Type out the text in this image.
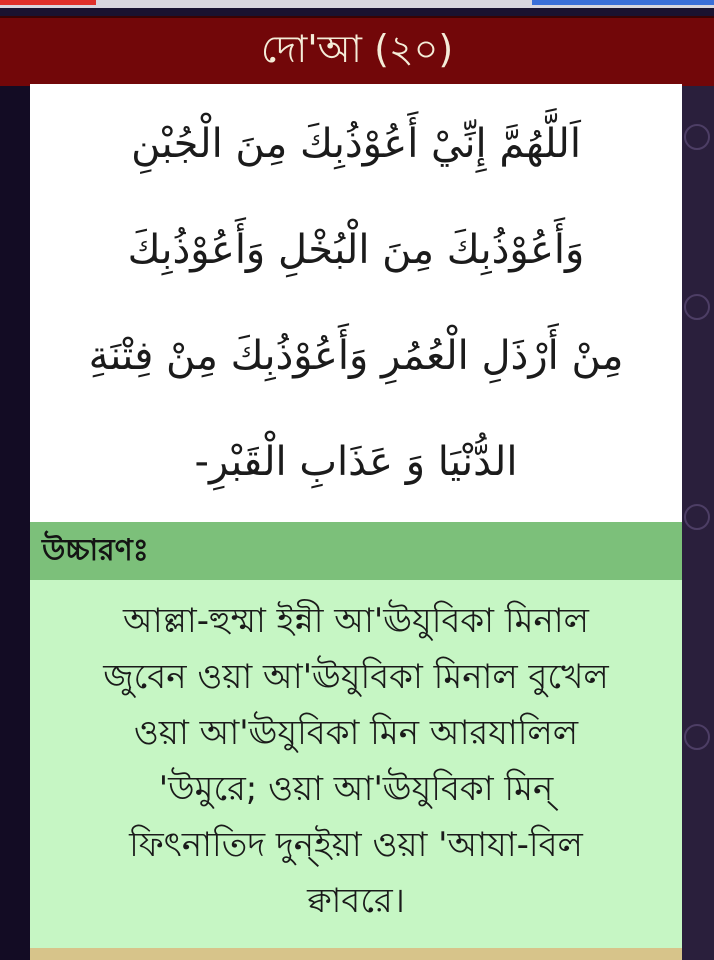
দো'আ (২০)
اَللَّهُمَّ إِنِّيْ أَعُوْذُبِكَ مِنَ الْجُبْنِ
وَأَعُوْذُبِكَ مِنَ الْبُخْلِ وَأَعُوْذُبِكَ
مِنْ أَرْذَلِ الْعُمُرِ وَأَعُوْذُبِكَ مِنْ فِتْنَةِ
الدُّنْيَا وَ عَذَابِ الْقَبْرِ-
উচ্চারণঃ
আল্লা-হুম্মা ইন্নী আ'ঊযুবিকা মিনাল
জুবেন ওয়া আ'ঊযুবিকা মিনাল বুখেল
ওয়া আ'ঊযুবিকা মিন আরযালিল
'উমুরে; ওয়া আ'ঊযুবিকা মিন্
ফিৎনাতিদ দুন্ইয়া ওয়া 'আযা-বিল
ক্বাবরে।
